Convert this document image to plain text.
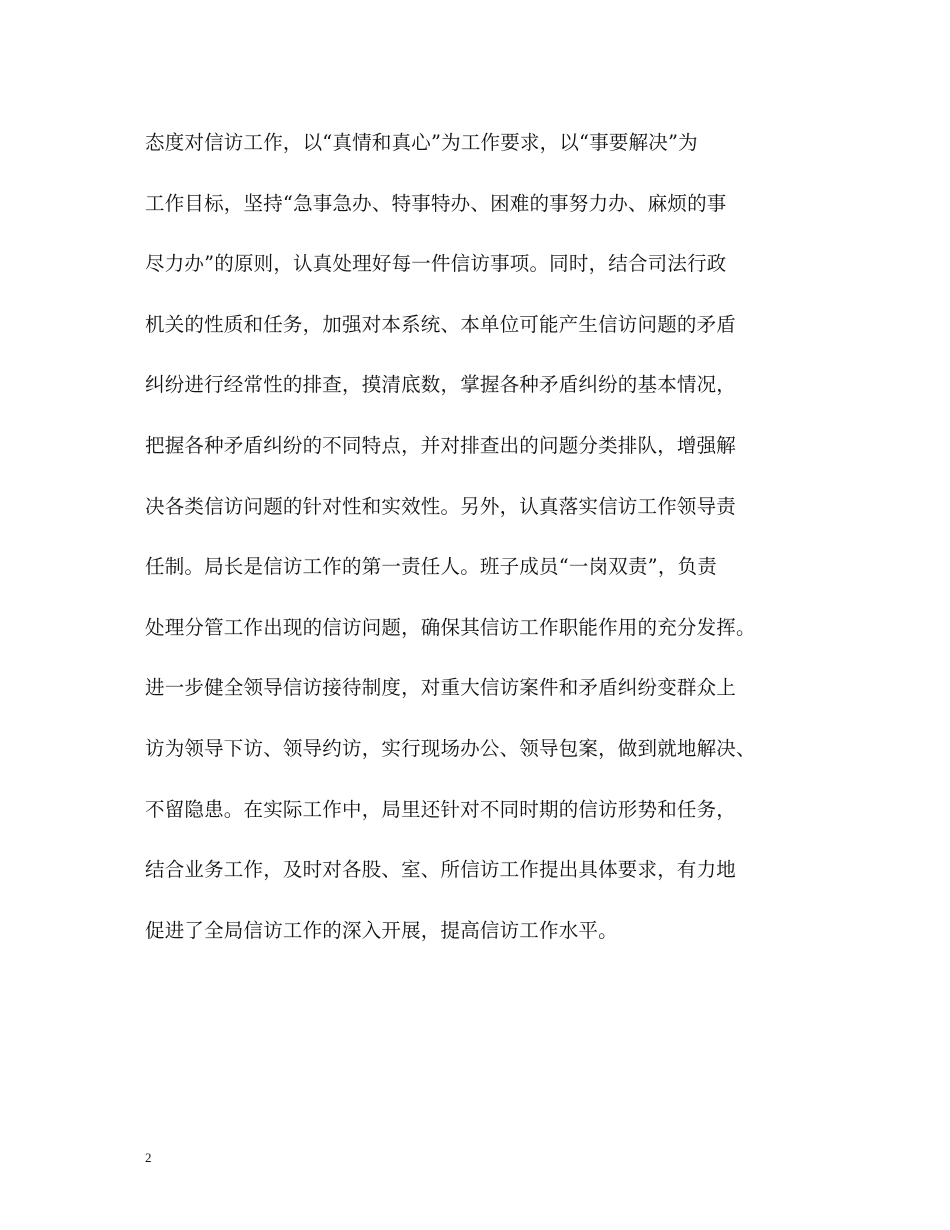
态度对信访工作，以“真情和真心”为工作要求，以“事要解决”为
工作目标，坚持“急事急办、特事特办、困难的事努力办、麻烦的事
尽力办”的原则，认真处理好每一件信访事项。同时，结合司法行政
机关的性质和任务，加强对本系统、本单位可能产生信访问题的矛盾
纠纷进行经常性的排查，摸清底数，掌握各种矛盾纠纷的基本情况，
把握各种矛盾纠纷的不同特点，并对排查出的问题分类排队，增强解
决各类信访问题的针对性和实效性。另外，认真落实信访工作领导责
任制。局长是信访工作的第一责任人。班子成员“一岗双责”，负责
处理分管工作出现的信访问题，确保其信访工作职能作用的充分发挥。
进一步健全领导信访接待制度，对重大信访案件和矛盾纠纷变群众上
访为领导下访、领导约访，实行现场办公、领导包案，做到就地解决、
不留隐患。在实际工作中，局里还针对不同时期的信访形势和任务，
结合业务工作，及时对各股、室、所信访工作提出具体要求，有力地
促进了全局信访工作的深入开展，提高信访工作水平。
2
